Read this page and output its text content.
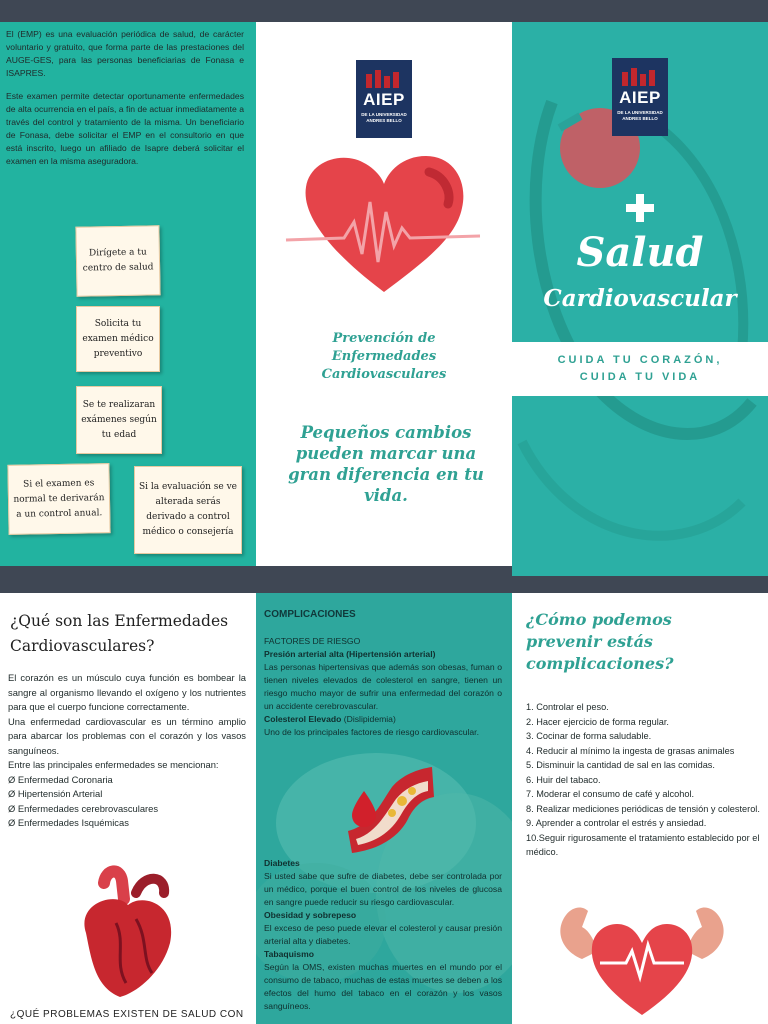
El (EMP) es una evaluación periódica de salud, de carácter voluntario y gratuito, que forma parte de las prestaciones del AUGE-GES, para las personas beneficiarias de Fonasa e ISAPRES.

Este examen permite detectar oportunamente enfermedades de alta ocurrencia en el país, a fin de actuar inmediatamente a través del control y tratamiento de la misma. Un beneficiario de Fonasa, debe solicitar el EMP en el consultorio en que está inscrito, luego un afiliado de Isapre deberá solicitar el examen en la misma aseguradora.

Dirígete a tu centro de salud
Solicita tu examen médico preventivo
Se te realizaran exámenes según tu edad
Si el examen es normal te derivarán a un control anual.
Si la evaluación se ve alterada serás derivado a control médico o consejería
AIEP
DE LA UNIVERSIDAD
ANDRES BELLO
Prevención de
Enfermedades
Cardiovasculares
Pequeños cambios pueden marcar una gran diferencia en tu vida.
AIEP
DE LA UNIVERSIDAD
ANDRES BELLO
Salud
Cardiovascular
CUIDA TU CORAZÓN,
CUIDA TU VIDA
¿Qué son las Enfermedades Cardiovasculares?
El corazón es un músculo cuya función es bombear la sangre al organismo llevando el oxígeno y los nutrientes para que el cuerpo funcione correctamente.
Una enfermedad cardiovascular es un término amplio para abarcar los problemas con el corazón y los vasos sanguíneos.
Entre las principales enfermedades se mencionan:
Ø Enfermedad Coronaria
Ø Hipertensión Arterial
Ø Enfermedades cerebrovasculares
Ø Enfermedades Isquémicas
¿QUÉ PROBLEMAS EXISTEN DE SALUD CON
COMPLICACIONES
FACTORES DE RIESGO
Presión arterial alta (Hipertensión arterial)
Las personas hipertensivas que además son obesas, fuman o tienen niveles elevados de colesterol en sangre, tienen un riesgo mucho mayor de sufrir una enfermedad del corazón o un accidente cerebrovascular.
Colesterol Elevado (Dislipidemia)
Uno de los principales factores de riesgo cardiovascular.
Diabetes
Si usted sabe que sufre de diabetes, debe ser controlada por un médico, porque el buen control de los niveles de glucosa en sangre puede reducir su riesgo cardiovascular.
Obesidad y sobrepeso
El exceso de peso puede elevar el colesterol y causar presión arterial alta y diabetes.
Tabaquismo
Según la OMS, existen muchas muertes en el mundo por el consumo de tabaco, muchas de estas muertes se deben a los efectos del humo del tabaco en el corazón y los vasos sanguíneos.
¿Cómo podemos
prevenir estás
complicaciones?
1. Controlar el peso.
2. Hacer ejercicio de forma regular.
3. Cocinar de forma saludable.
4. Reducir al mínimo la ingesta de grasas animales
5. Disminuir la cantidad de sal en las comidas.
6. Huir del tabaco.
7. Moderar el consumo de café y alcohol.
8. Realizar mediciones periódicas de tensión y colesterol.
9. Aprender a controlar el estrés y ansiedad.
10.Seguir rigurosamente el tratamiento establecido por el médico.
